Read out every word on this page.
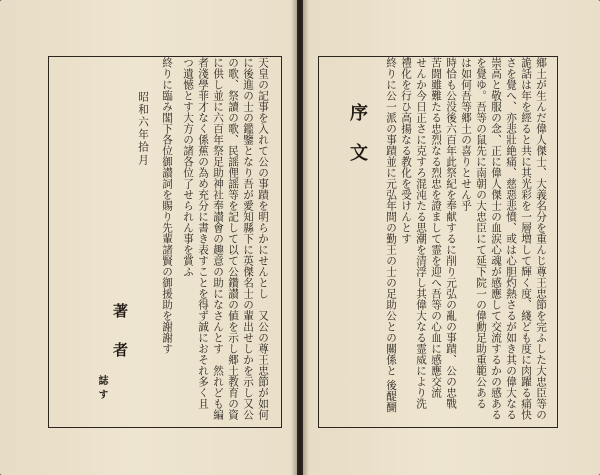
天皇の記事を入れて公の事蹟を明らかにせんとし　又公の尊王忠節が如何
に後進の士の鑑鑒となり吾が愛知縣下に英傑名士の輩出せしかを示し又公
の歌、祭讀の歌、民謡俚謡等を記して以て公鑽讃の値を示し郷土教育の資
に供し並に六百年祭足助神社奉讃會の趣意の助になさんとす　然れども編
者淺學菲才なく係蕉の為め充分に書き表すことを得ず誠におそれ多く且
つ遺憾とす大方の諸各位了せられん事を賞ふ
終りに臨み閣下各位御讃詞を賜り先輩諸賢の御援助を謝謝す
昭和六年拾月
著者
誌す	鄉土が生んだ偉人傑士、大義名分を重んじ尊王忠節を完ふした大忠臣等の
詭話は年を經ると共に其光彩を一層増して輝く度、綫ども度に肉躍る痛快
さを覺へ、亦悲壯絶痛、慈惡悲憤、或は心胆灼熱さるが如き其の偉大なる
崇高と敬服の念、正に偉人傑士の血涙心魂が感應して交流するかの感ある
を覺ゆ。吾等の鼠先に南朝の大忠臣にて延下院一の偉勳足助重範公ある
は如何吾等郷土の喜りとせん乎
時恰も公没後六百年此祭紀を奉献するに削り元弘の亂の事蹟、公の忠戰
苦闘雖難たる忠烈なる烈忠を證まして霊を迎へ吾等の心血に感應交流
せんか今日正さに克すろ混沌たる思潮を清浮し其偉大なる霊威により洗
禮化を行ひ高揚なる教化を受けんとす
終りに公一派の事蹟並に元弘年間の勤王の士の足助公との關係と 後醍醐
序文
